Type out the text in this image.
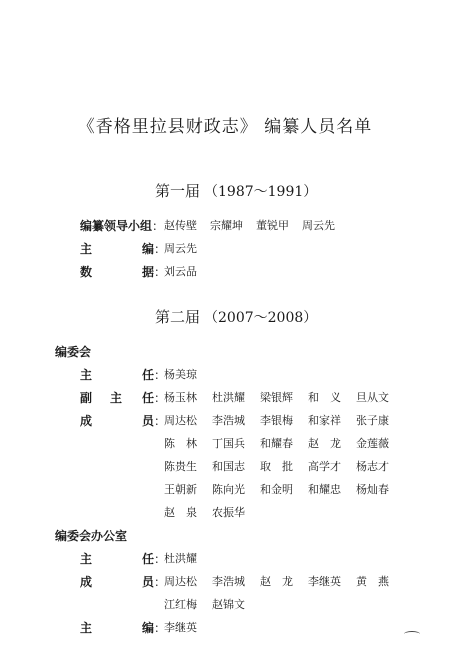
《香格里拉县财政志》 编纂人员名单
第一届 （1987～1991）
编纂领导小组： 赵传壁 宗耀坤 董锐甲 周云先
主	编：
周云先
数	据：
刘云品
第二届 （2007～2008）
编委会
主	任：
杨美琼
副 主 任：
杨玉林 杜洪耀 梁银辉 和　义 旦从文
成	员：
周达松 李浩城 李银梅 和家祥 张子康
陈　林 丁国兵 和耀春 赵　龙 金莲薇
陈贵生 和国志 取　批 高学才 杨志才
王朝新 陈向光 和金明 和耀忠 杨灿春
赵　泉 农振华
编委会办公室
主	任：
杜洪耀
成	员：
周达松 李浩城 赵　龙 李继英 黄　燕
江红梅 赵锦文
主	编：
李继英
